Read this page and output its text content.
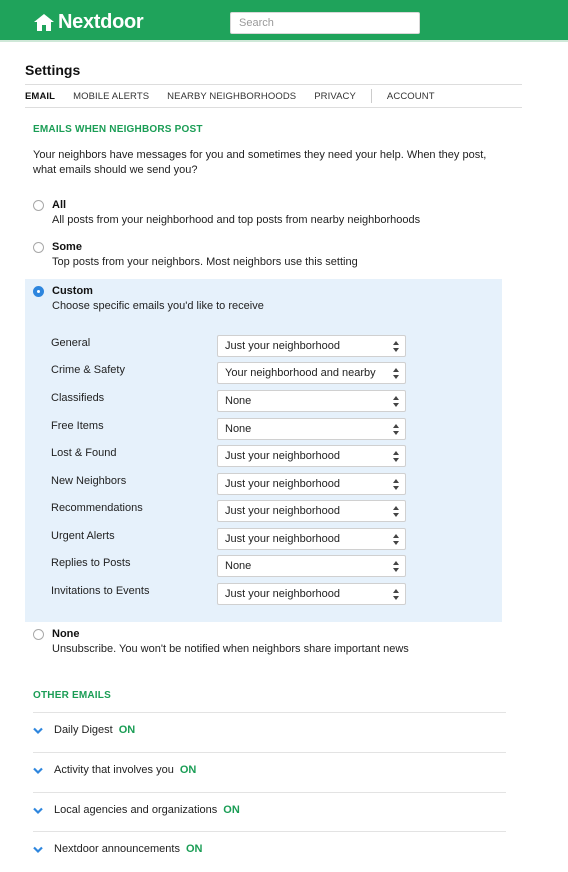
Nextdoor
Search
Settings
EMAIL MOBILE ALERTS NEARBY NEIGHBORHOODS PRIVACY	ACCOUNT
EMAILS WHEN NEIGHBORS POST
Your neighbors have messages for you and sometimes they need your help. When they post, what emails should we send you?
All
All posts from your neighborhood and top posts from nearby neighborhoods
Some
Top posts from your neighbors. Most neighbors use this setting
Custom
Choose specific emails you'd like to receive
General	Just your neighborhood
Crime & Safety	Your neighborhood and nearby
Classifieds	None
Free Items	None
Lost & Found	Just your neighborhood
New Neighbors	Just your neighborhood
Recommendations	Just your neighborhood
Urgent Alerts	Just your neighborhood
Replies to Posts	None
Invitations to Events	Just your neighborhood
None
Unsubscribe. You won't be notified when neighbors share important news
OTHER EMAILS
Daily Digest ON
Activity that involves you ON
Local agencies and organizations ON
Nextdoor announcements ON
